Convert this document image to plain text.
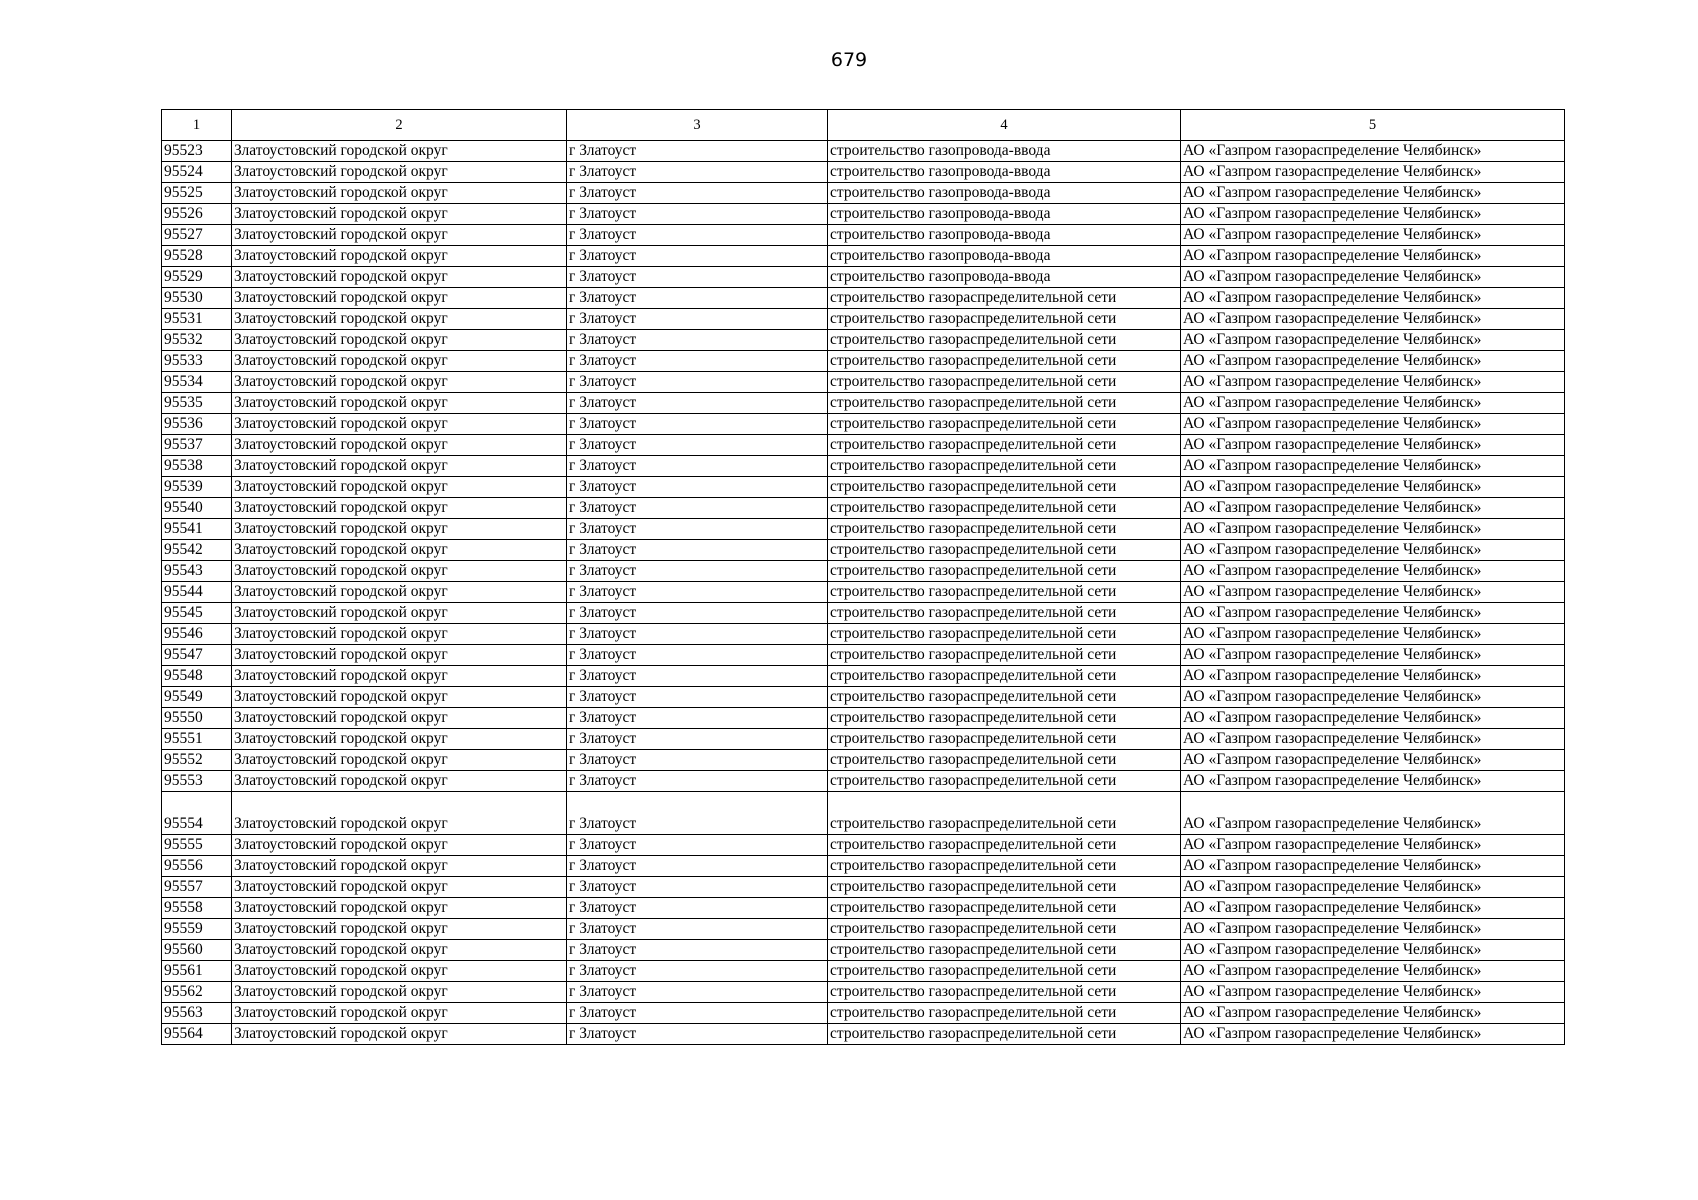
679
1	2	3	4	5
95523	Златоустовский городской округ	г Златоуст	строительство газопровода-ввода	АО «Газпром газораспределение Челябинск»
95524	Златоустовский городской округ	г Златоуст	строительство газопровода-ввода	АО «Газпром газораспределение Челябинск»
95525	Златоустовский городской округ	г Златоуст	строительство газопровода-ввода	АО «Газпром газораспределение Челябинск»
95526	Златоустовский городской округ	г Златоуст	строительство газопровода-ввода	АО «Газпром газораспределение Челябинск»
95527	Златоустовский городской округ	г Златоуст	строительство газопровода-ввода	АО «Газпром газораспределение Челябинск»
95528	Златоустовский городской округ	г Златоуст	строительство газопровода-ввода	АО «Газпром газораспределение Челябинск»
95529	Златоустовский городской округ	г Златоуст	строительство газопровода-ввода	АО «Газпром газораспределение Челябинск»
95530	Златоустовский городской округ	г Златоуст	строительство газораспределительной сети	АО «Газпром газораспределение Челябинск»
95531	Златоустовский городской округ	г Златоуст	строительство газораспределительной сети	АО «Газпром газораспределение Челябинск»
95532	Златоустовский городской округ	г Златоуст	строительство газораспределительной сети	АО «Газпром газораспределение Челябинск»
95533	Златоустовский городской округ	г Златоуст	строительство газораспределительной сети	АО «Газпром газораспределение Челябинск»
95534	Златоустовский городской округ	г Златоуст	строительство газораспределительной сети	АО «Газпром газораспределение Челябинск»
95535	Златоустовский городской округ	г Златоуст	строительство газораспределительной сети	АО «Газпром газораспределение Челябинск»
95536	Златоустовский городской округ	г Златоуст	строительство газораспределительной сети	АО «Газпром газораспределение Челябинск»
95537	Златоустовский городской округ	г Златоуст	строительство газораспределительной сети	АО «Газпром газораспределение Челябинск»
95538	Златоустовский городской округ	г Златоуст	строительство газораспределительной сети	АО «Газпром газораспределение Челябинск»
95539	Златоустовский городской округ	г Златоуст	строительство газораспределительной сети	АО «Газпром газораспределение Челябинск»
95540	Златоустовский городской округ	г Златоуст	строительство газораспределительной сети	АО «Газпром газораспределение Челябинск»
95541	Златоустовский городской округ	г Златоуст	строительство газораспределительной сети	АО «Газпром газораспределение Челябинск»
95542	Златоустовский городской округ	г Златоуст	строительство газораспределительной сети	АО «Газпром газораспределение Челябинск»
95543	Златоустовский городской округ	г Златоуст	строительство газораспределительной сети	АО «Газпром газораспределение Челябинск»
95544	Златоустовский городской округ	г Златоуст	строительство газораспределительной сети	АО «Газпром газораспределение Челябинск»
95545	Златоустовский городской округ	г Златоуст	строительство газораспределительной сети	АО «Газпром газораспределение Челябинск»
95546	Златоустовский городской округ	г Златоуст	строительство газораспределительной сети	АО «Газпром газораспределение Челябинск»
95547	Златоустовский городской округ	г Златоуст	строительство газораспределительной сети	АО «Газпром газораспределение Челябинск»
95548	Златоустовский городской округ	г Златоуст	строительство газораспределительной сети	АО «Газпром газораспределение Челябинск»
95549	Златоустовский городской округ	г Златоуст	строительство газораспределительной сети	АО «Газпром газораспределение Челябинск»
95550	Златоустовский городской округ	г Златоуст	строительство газораспределительной сети	АО «Газпром газораспределение Челябинск»
95551	Златоустовский городской округ	г Златоуст	строительство газораспределительной сети	АО «Газпром газораспределение Челябинск»
95552	Златоустовский городской округ	г Златоуст	строительство газораспределительной сети	АО «Газпром газораспределение Челябинск»
95553	Златоустовский городской округ	г Златоуст	строительство газораспределительной сети	АО «Газпром газораспределение Челябинск»
95554	Златоустовский городской округ	г Златоуст	строительство газораспределительной сети	АО «Газпром газораспределение Челябинск»
95555	Златоустовский городской округ	г Златоуст	строительство газораспределительной сети	АО «Газпром газораспределение Челябинск»
95556	Златоустовский городской округ	г Златоуст	строительство газораспределительной сети	АО «Газпром газораспределение Челябинск»
95557	Златоустовский городской округ	г Златоуст	строительство газораспределительной сети	АО «Газпром газораспределение Челябинск»
95558	Златоустовский городской округ	г Златоуст	строительство газораспределительной сети	АО «Газпром газораспределение Челябинск»
95559	Златоустовский городской округ	г Златоуст	строительство газораспределительной сети	АО «Газпром газораспределение Челябинск»
95560	Златоустовский городской округ	г Златоуст	строительство газораспределительной сети	АО «Газпром газораспределение Челябинск»
95561	Златоустовский городской округ	г Златоуст	строительство газораспределительной сети	АО «Газпром газораспределение Челябинск»
95562	Златоустовский городской округ	г Златоуст	строительство газораспределительной сети	АО «Газпром газораспределение Челябинск»
95563	Златоустовский городской округ	г Златоуст	строительство газораспределительной сети	АО «Газпром газораспределение Челябинск»
95564	Златоустовский городской округ	г Златоуст	строительство газораспределительной сети	АО «Газпром газораспределение Челябинск»
